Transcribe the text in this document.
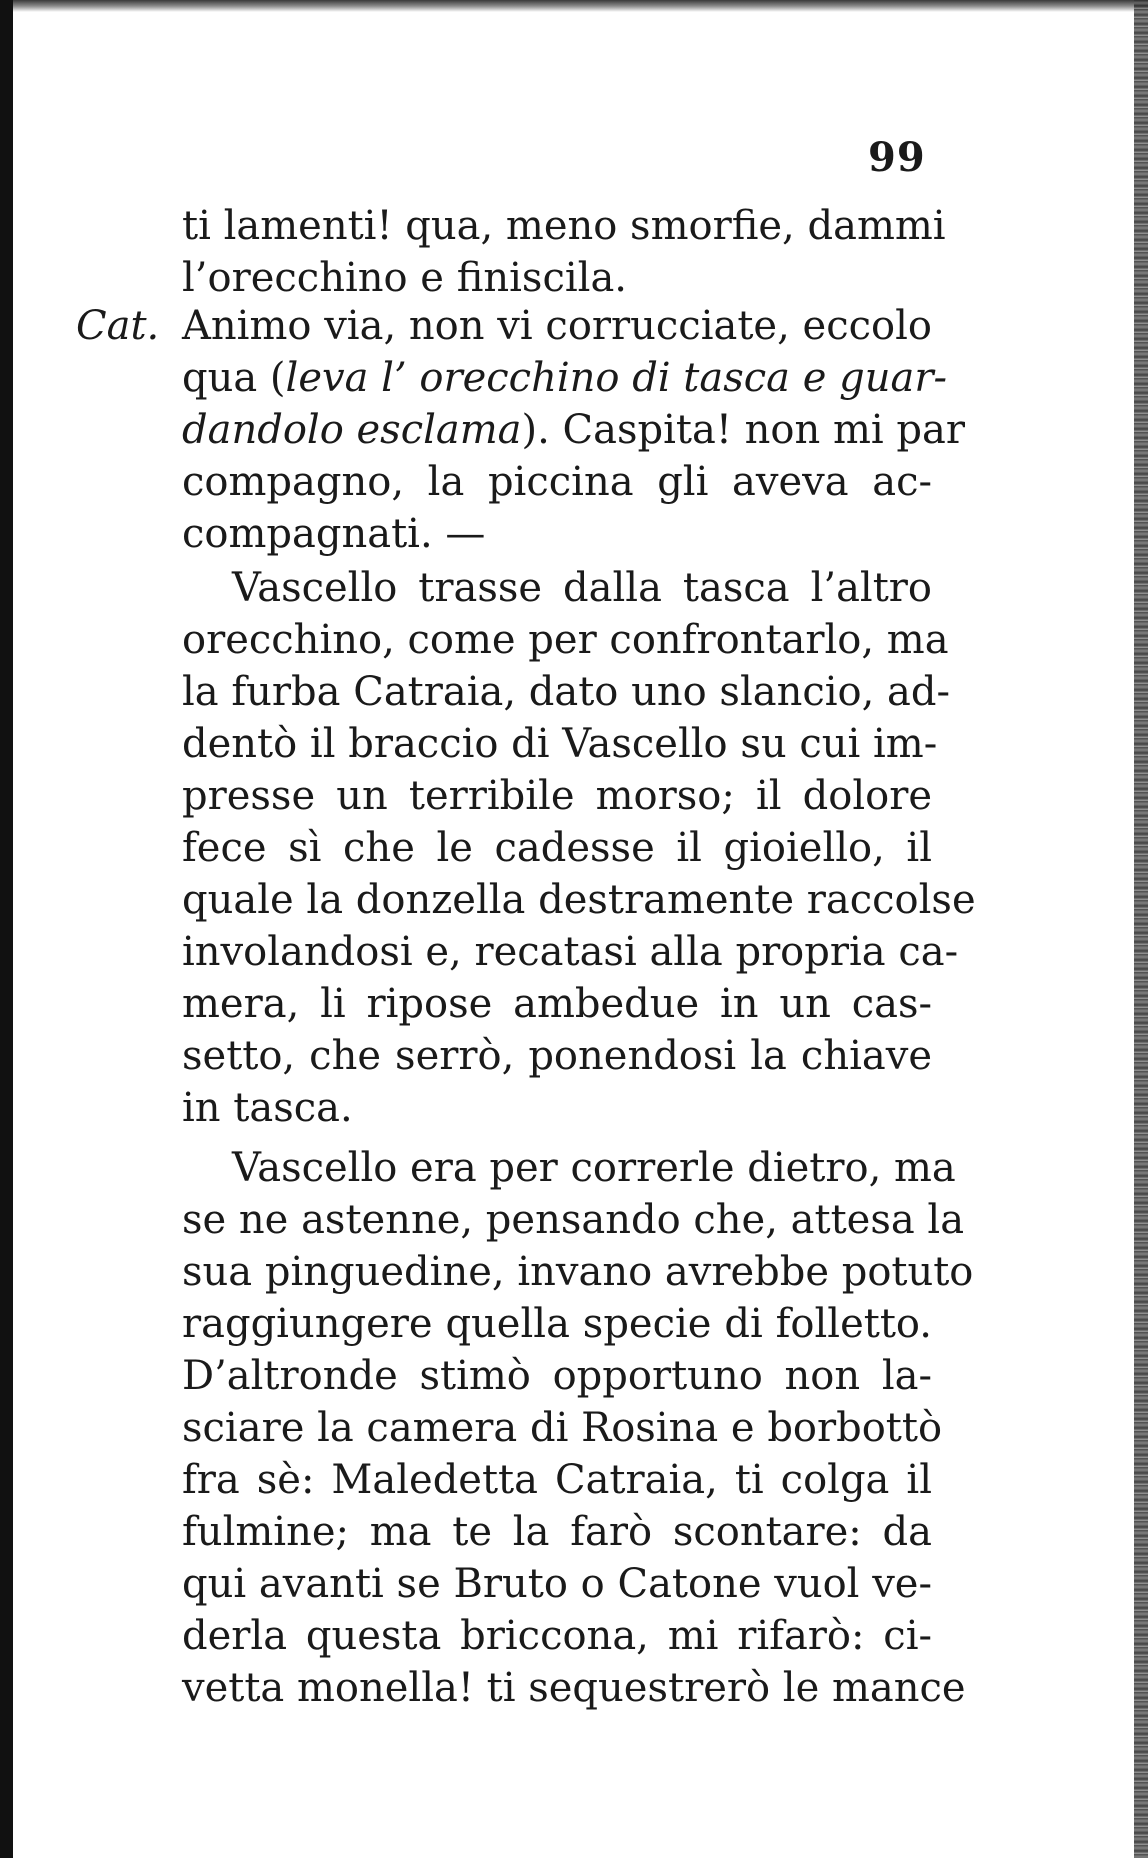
99
Cat.
ti lamenti! qua, meno smorfie, dammi
l’orecchino e finiscila.
Animo via, non vi corrucciate, eccolo
qua (leva l’ orecchino di tasca e guar-
dandolo esclama). Caspita! non mi par
compagno, la piccina gli aveva ac-
compagnati. —
Vascello trasse dalla tasca l’altro
orecchino, come per confrontarlo, ma
la furba Catraia, dato uno slancio, ad-
dentò il braccio di Vascello su cui im-
presse un terribile morso; il dolore
fece sì che le cadesse il gioiello, il
quale la donzella destramente raccolse
involandosi e, recatasi alla propria ca-
mera, li ripose ambedue in un cas-
setto, che serrò, ponendosi la chiave
in tasca.
Vascello era per correrle dietro, ma
se ne astenne, pensando che, attesa la
sua pinguedine, invano avrebbe potuto
raggiungere quella specie di folletto.
D’altronde stimò opportuno non la-
sciare la camera di Rosina e borbottò
fra sè: Maledetta Catraia, ti colga il
fulmine; ma te la farò scontare: da
qui avanti se Bruto o Catone vuol ve-
derla questa briccona, mi rifarò: ci-
vetta monella! ti sequestrerò le mance
